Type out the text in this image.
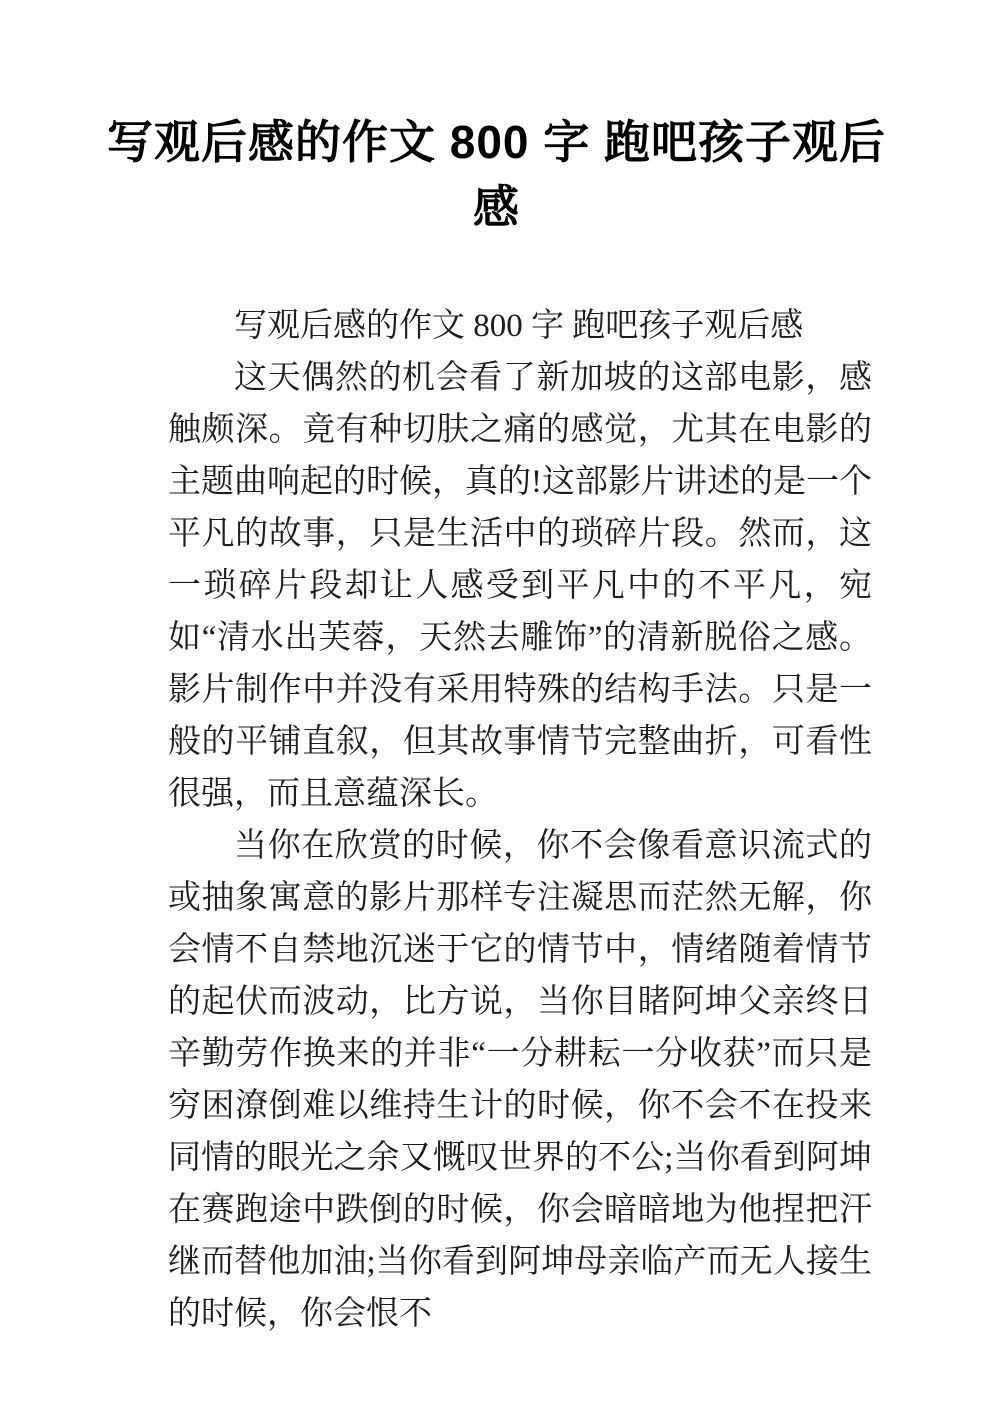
写观后感的作文 800 字 跑吧孩子观后
感

写观后感的作文 800 字 跑吧孩子观后感

这天偶然的机会看了新加坡的这部电影，感触颇深。竟有种切肤之痛的感觉，尤其在电影的主题曲响起的时候，真的!这部影片讲述的是一个平凡的故事，只是生活中的琐碎片段。然而，这一琐碎片段却让人感受到平凡中的不平凡，宛如“清水出芙蓉，天然去雕饰”的清新脱俗之感。影片制作中并没有采用特殊的结构手法。只是一般的平铺直叙，但其故事情节完整曲折，可看性很强，而且意蕴深长。

当你在欣赏的时候，你不会像看意识流式的或抽象寓意的影片那样专注凝思而茫然无解，你会情不自禁地沉迷于它的情节中，情绪随着情节的起伏而波动，比方说，当你目睹阿坤父亲终日辛勤劳作换来的并非“一分耕耘一分收获”而只是穷困潦倒难以维持生计的时候，你不会不在投来同情的眼光之余又慨叹世界的不公;当你看到阿坤在赛跑途中跌倒的时候，你会暗暗地为他捏把汗继而替他加油;当你看到阿坤母亲临产而无人接生的时候，你会恨不
